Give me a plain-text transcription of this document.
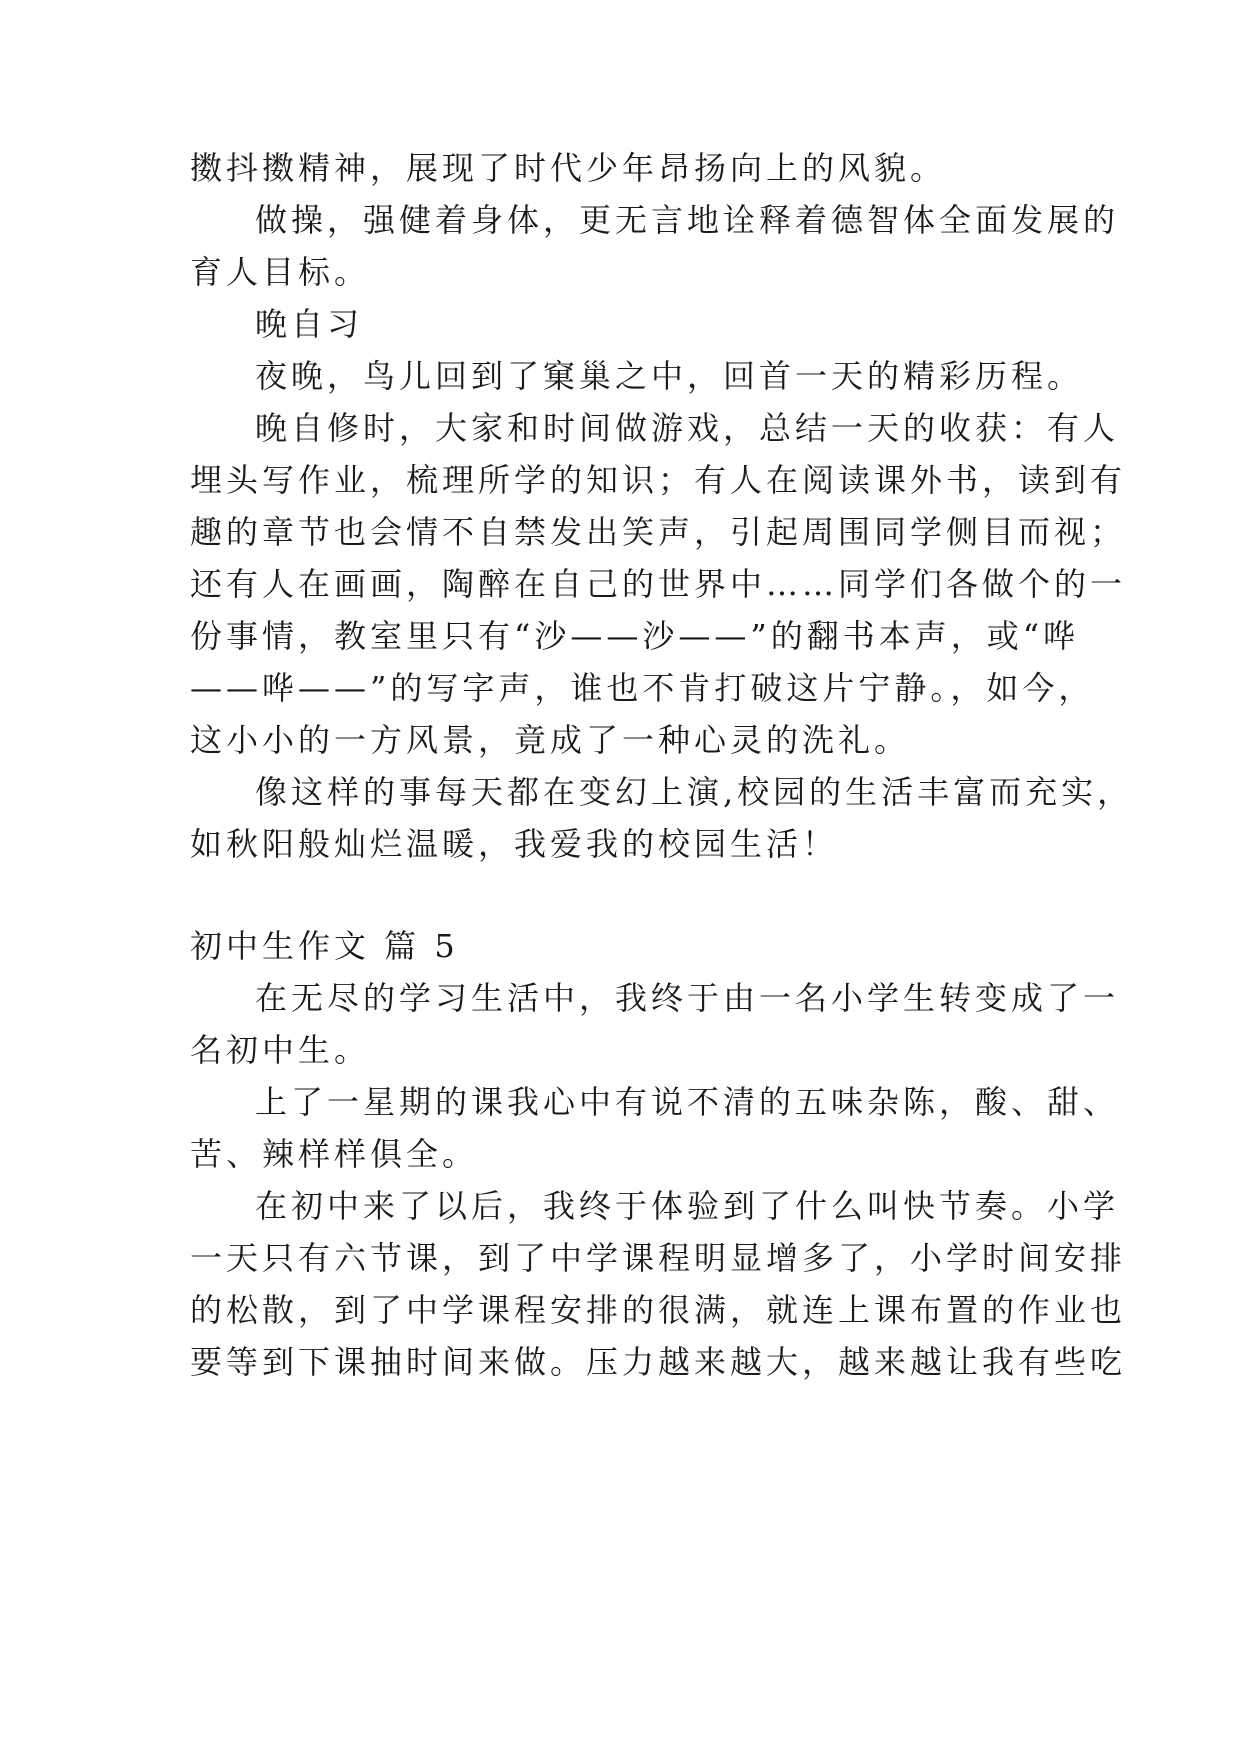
擞抖擞精神，展现了时代少年昂扬向上的风貌。
做操，强健着身体，更无言地诠释着德智体全面发展的
育人目标。
晚自习
夜晚，鸟儿回到了窠巢之中，回首一天的精彩历程。
晚自修时，大家和时间做游戏，总结一天的收获：有人
埋头写作业，梳理所学的知识；有人在阅读课外书，读到有
趣的章节也会情不自禁发出笑声，引起周围同学侧目而视；
还有人在画画，陶醉在自己的世界中……同学们各做个的一
份事情，教室里只有“沙——沙——”的翻书本声，或“哗
——哗——”的写字声，谁也不肯打破这片宁静。，如今，
这小小的一方风景，竟成了一种心灵的洗礼。
像这样的事每天都在变幻上演,校园的生活丰富而充实，
如秋阳般灿烂温暖，我爱我的校园生活！
初中生作文 篇 5
在无尽的学习生活中，我终于由一名小学生转变成了一
名初中生。
上了一星期的课我心中有说不清的五味杂陈，酸、甜、
苦、辣样样俱全。
在初中来了以后，我终于体验到了什么叫快节奏。小学
一天只有六节课，到了中学课程明显增多了，小学时间安排
的松散，到了中学课程安排的很满，就连上课布置的作业也
要等到下课抽时间来做。压力越来越大，越来越让我有些吃
